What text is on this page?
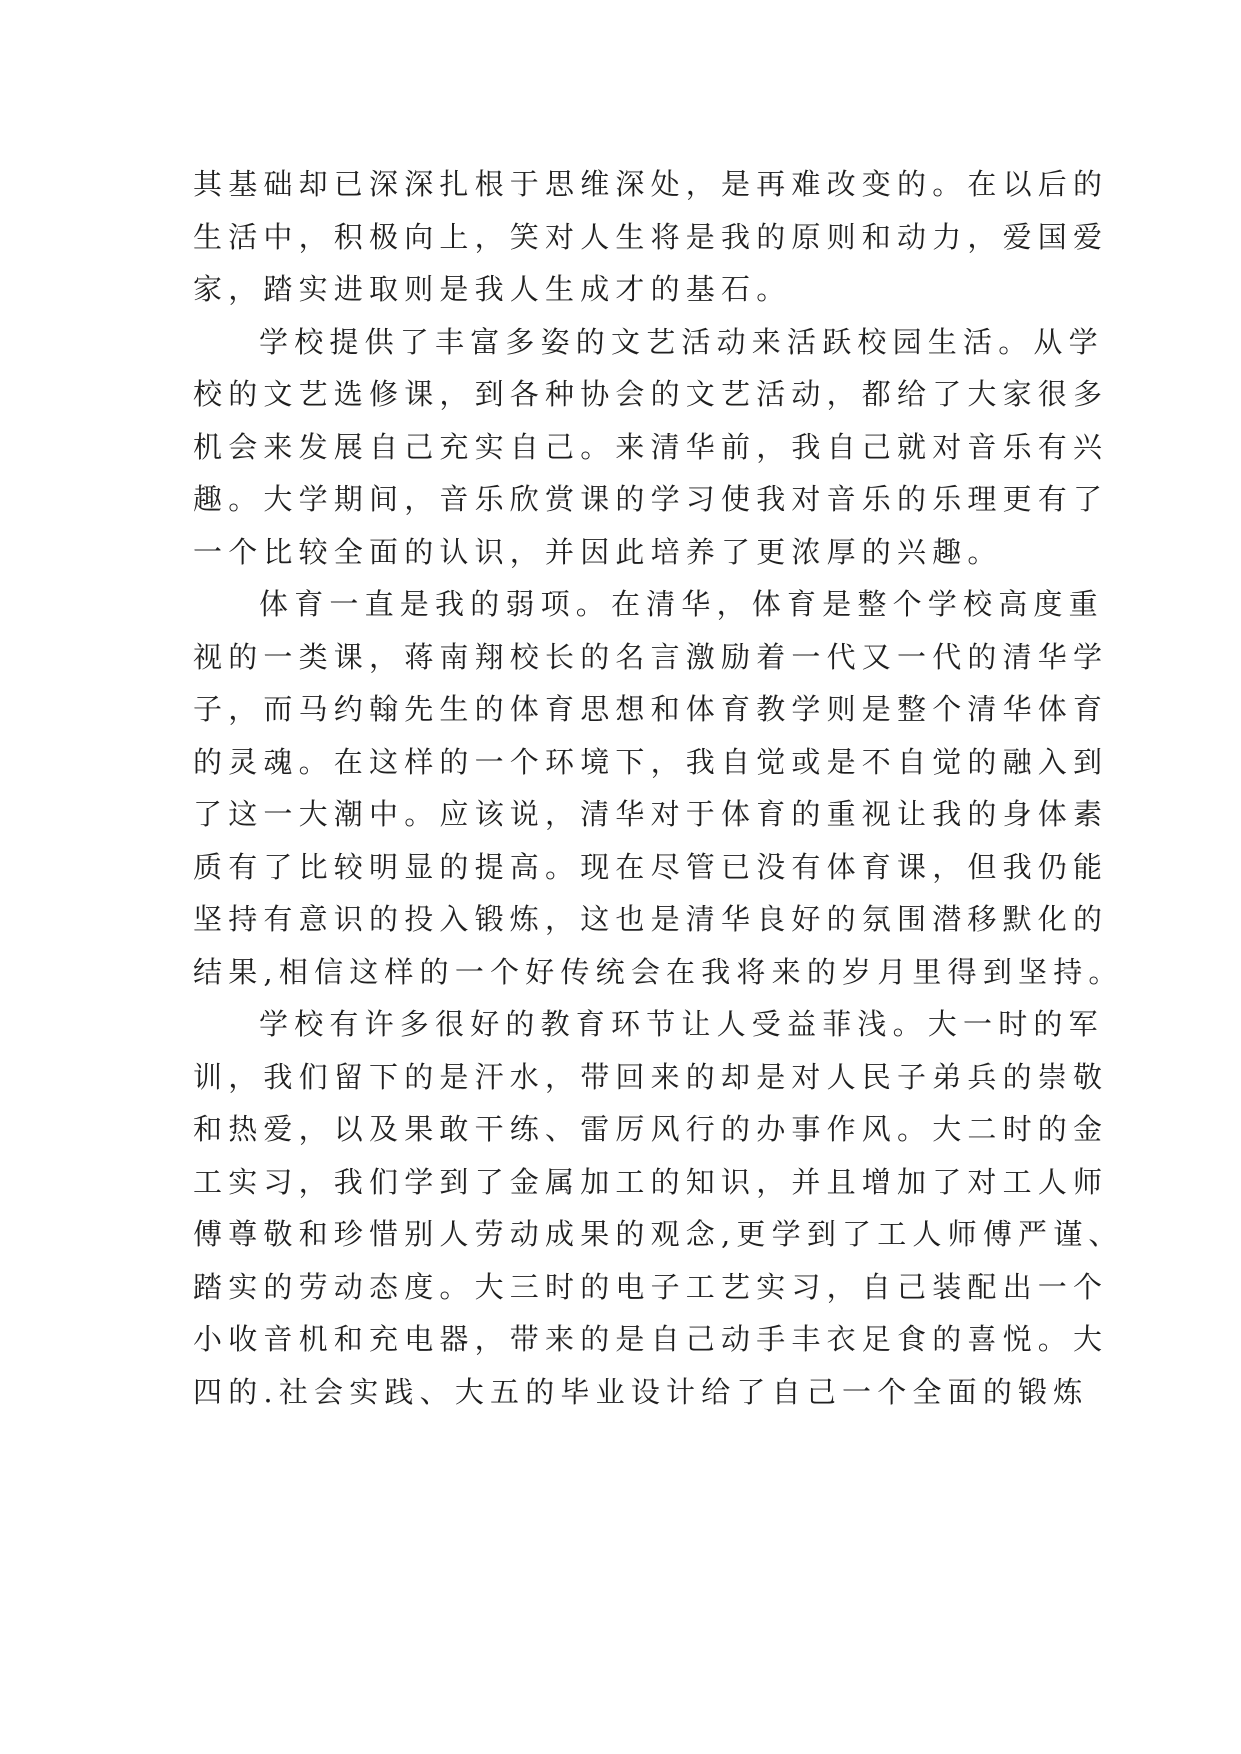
其基础却已深深扎根于思维深处，是再难改变的。在以后的
生活中，积极向上，笑对人生将是我的原则和动力，爱国爱
家，踏实进取则是我人生成才的基石。
学校提供了丰富多姿的文艺活动来活跃校园生活。从学
校的文艺选修课，到各种协会的文艺活动，都给了大家很多
机会来发展自己充实自己。来清华前，我自己就对音乐有兴
趣。大学期间，音乐欣赏课的学习使我对音乐的乐理更有了
一个比较全面的认识，并因此培养了更浓厚的兴趣。
体育一直是我的弱项。在清华，体育是整个学校高度重
视的一类课，蒋南翔校长的名言激励着一代又一代的清华学
子，而马约翰先生的体育思想和体育教学则是整个清华体育
的灵魂。在这样的一个环境下，我自觉或是不自觉的融入到
了这一大潮中。应该说，清华对于体育的重视让我的身体素
质有了比较明显的提高。现在尽管已没有体育课，但我仍能
坚持有意识的投入锻炼，这也是清华良好的氛围潜移默化的
结果,相信这样的一个好传统会在我将来的岁月里得到坚持。
学校有许多很好的教育环节让人受益菲浅。大一时的军
训，我们留下的是汗水，带回来的却是对人民子弟兵的崇敬
和热爱，以及果敢干练、雷厉风行的办事作风。大二时的金
工实习，我们学到了金属加工的知识，并且增加了对工人师
傅尊敬和珍惜别人劳动成果的观念,更学到了工人师傅严谨、
踏实的劳动态度。大三时的电子工艺实习，自己装配出一个
小收音机和充电器，带来的是自己动手丰衣足食的喜悦。大
四的.社会实践、大五的毕业设计给了自己一个全面的锻炼
